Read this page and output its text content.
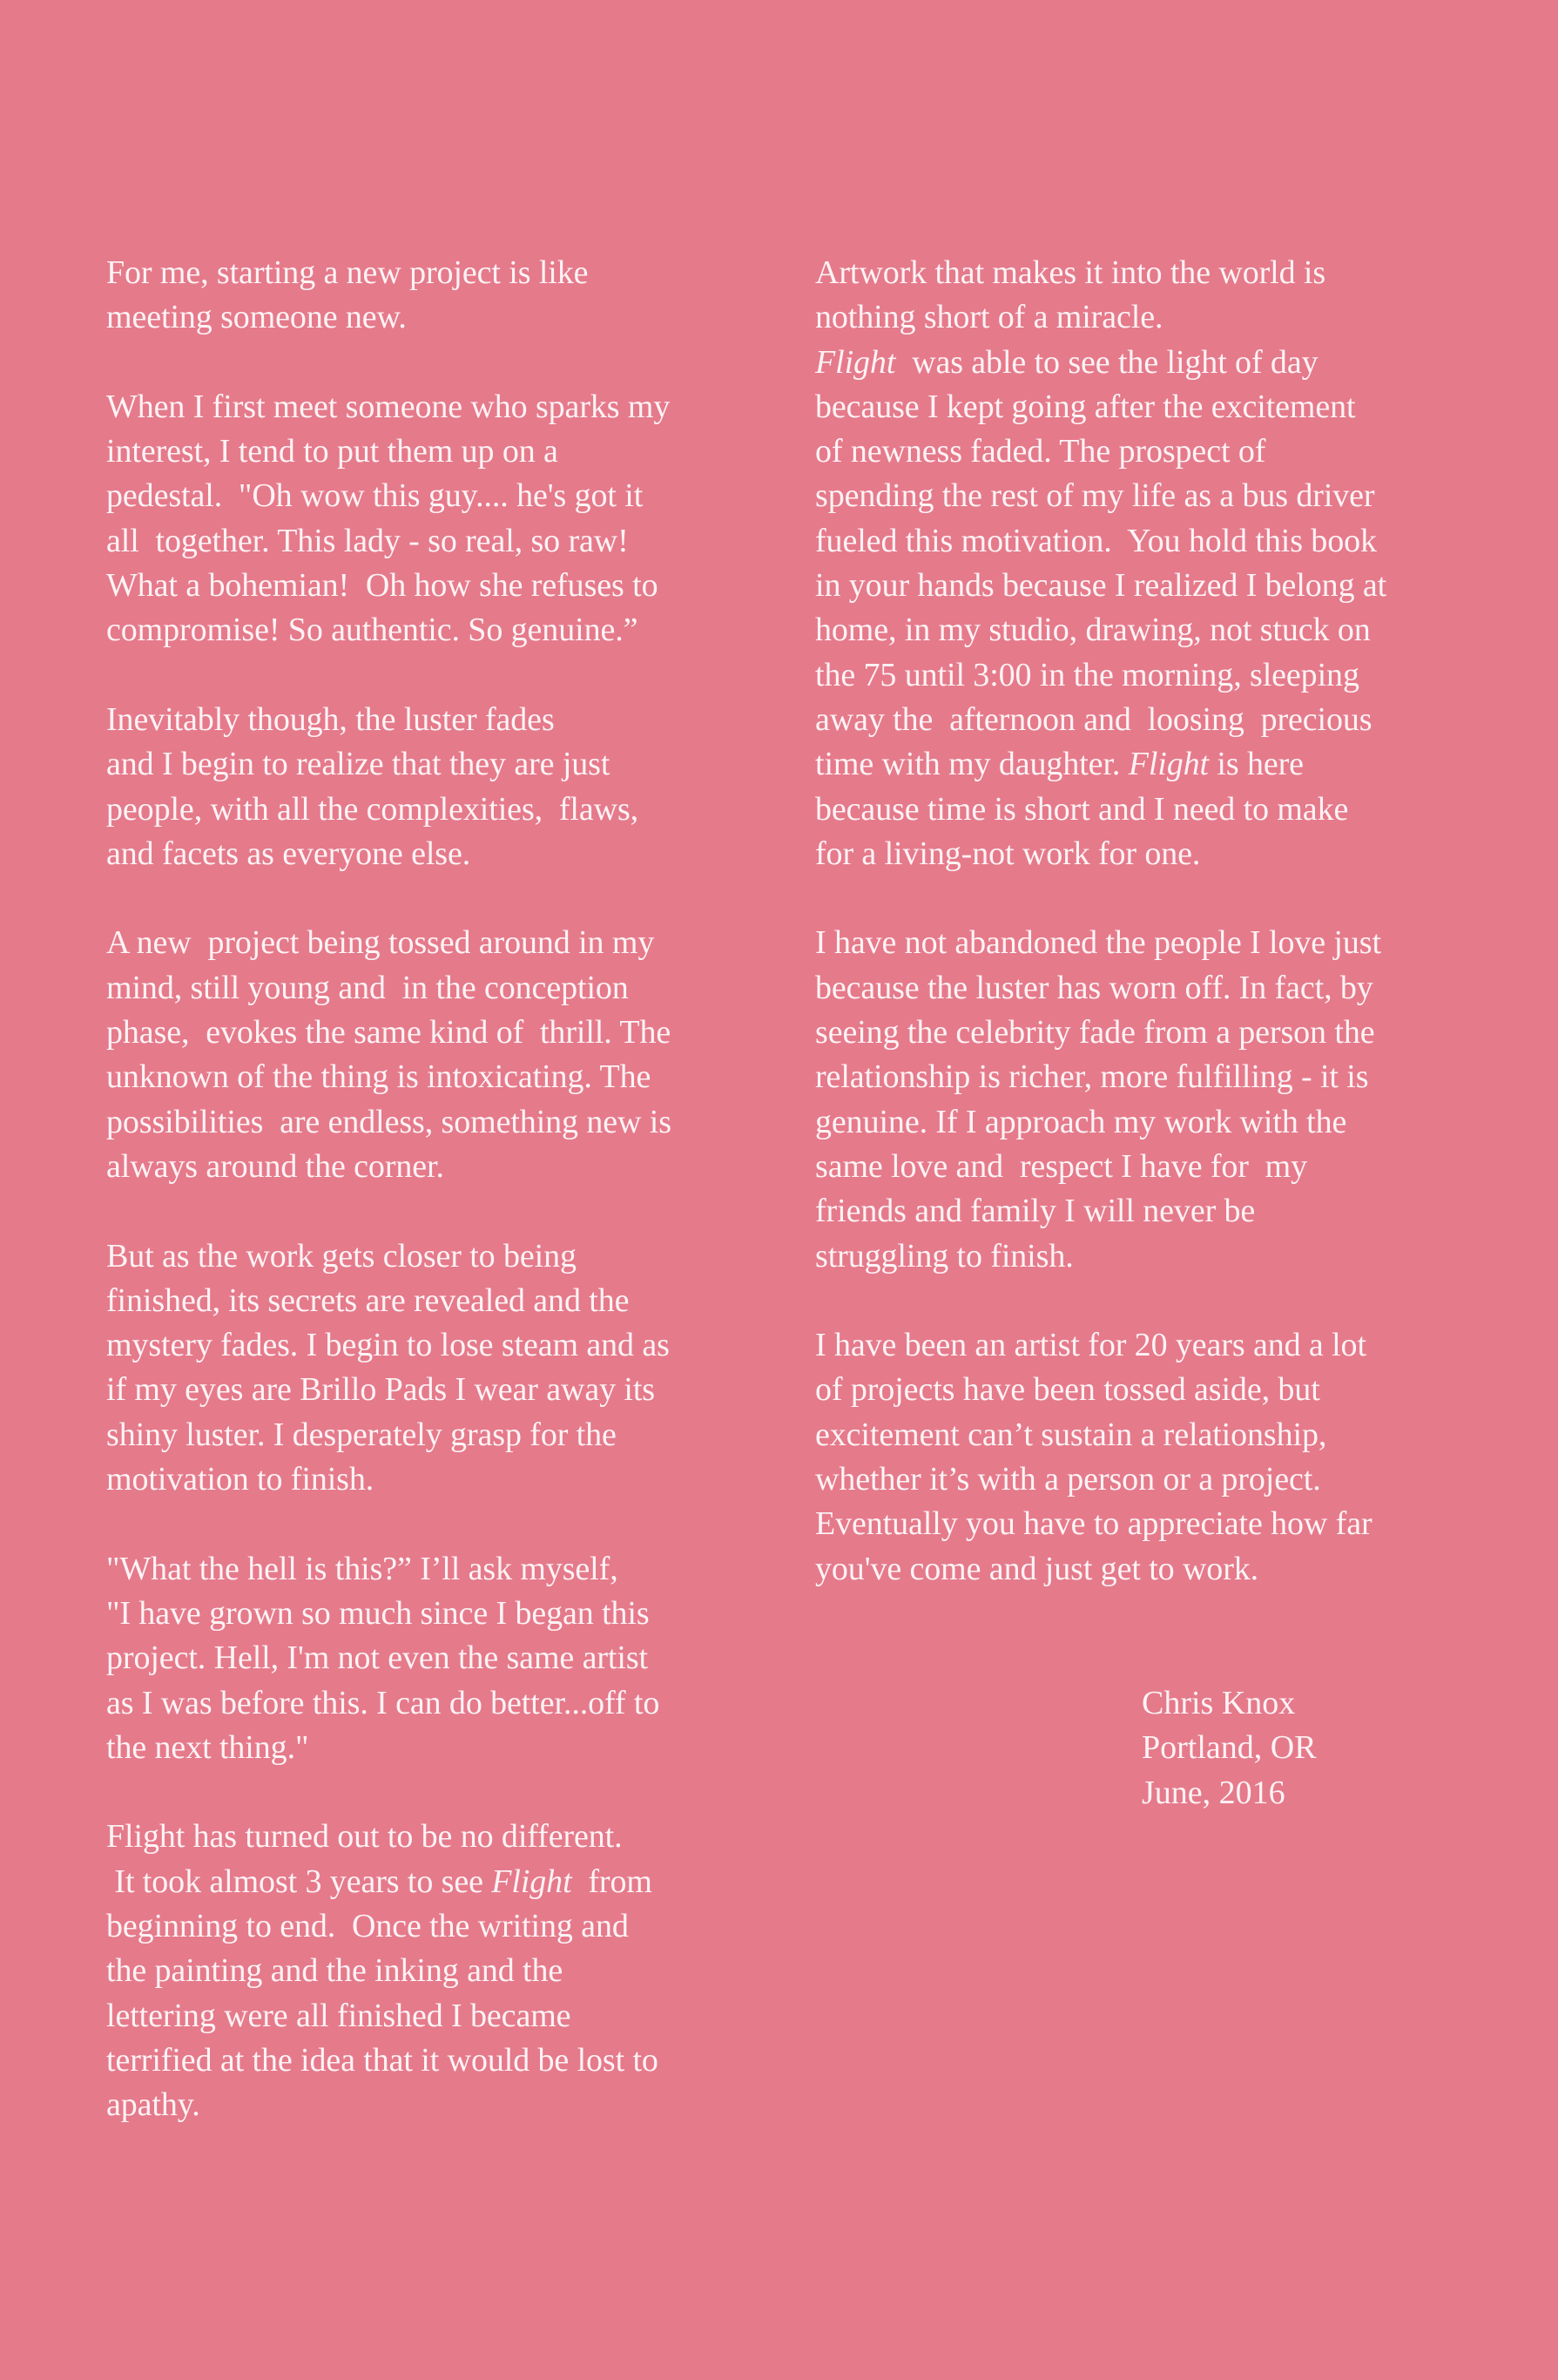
For me, starting a new project is like
meeting someone new.

When I first meet someone who sparks my
interest, I tend to put them up on a
pedestal.  "Oh wow this guy.... he's got it
all  together. This lady - so real, so raw!
What a bohemian!  Oh how she refuses to
compromise! So authentic. So genuine.”

Inevitably though, the luster fades
and I begin to realize that they are just
people, with all the complexities,  flaws,
and facets as everyone else.

A new  project being tossed around in my
mind, still young and  in the conception
phase,  evokes the same kind of  thrill. The
unknown of the thing is intoxicating. The
possibilities  are endless, something new is
always around the corner.

But as the work gets closer to being
finished, its secrets are revealed and the
mystery fades. I begin to lose steam and as
if my eyes are Brillo Pads I wear away its
shiny luster. I desperately grasp for the
motivation to finish.

"What the hell is this?” I’ll ask myself,
"I have grown so much since I began this
project. Hell, I'm not even the same artist
as I was before this. I can do better...off to
the next thing."

Flight has turned out to be no different.
It took almost 3 years to see Flight  from
beginning to end.  Once the writing and
the painting and the inking and the
lettering were all finished I became
terrified at the idea that it would be lost to
apathy.

Artwork that makes it into the world is
nothing short of a miracle.
Flight  was able to see the light of day
because I kept going after the excitement
of newness faded. The prospect of
spending the rest of my life as a bus driver
fueled this motivation.  You hold this book
in your hands because I realized I belong at
home, in my studio, drawing, not stuck on
the 75 until 3:00 in the morning, sleeping
away the  afternoon and  loosing  precious
time with my daughter. Flight is here
because time is short and I need to make
for a living-not work for one.

I have not abandoned the people I love just
because the luster has worn off. In fact, by
seeing the celebrity fade from a person the
relationship is richer, more fulfilling - it is
genuine. If I approach my work with the
same love and  respect I have for  my
friends and family I will never be
struggling to finish.

I have been an artist for 20 years and a lot
of projects have been tossed aside, but
excitement can’t sustain a relationship,
whether it’s with a person or a project.
Eventually you have to appreciate how far
you've come and just get to work.

Chris Knox
Portland, OR
June, 2016
